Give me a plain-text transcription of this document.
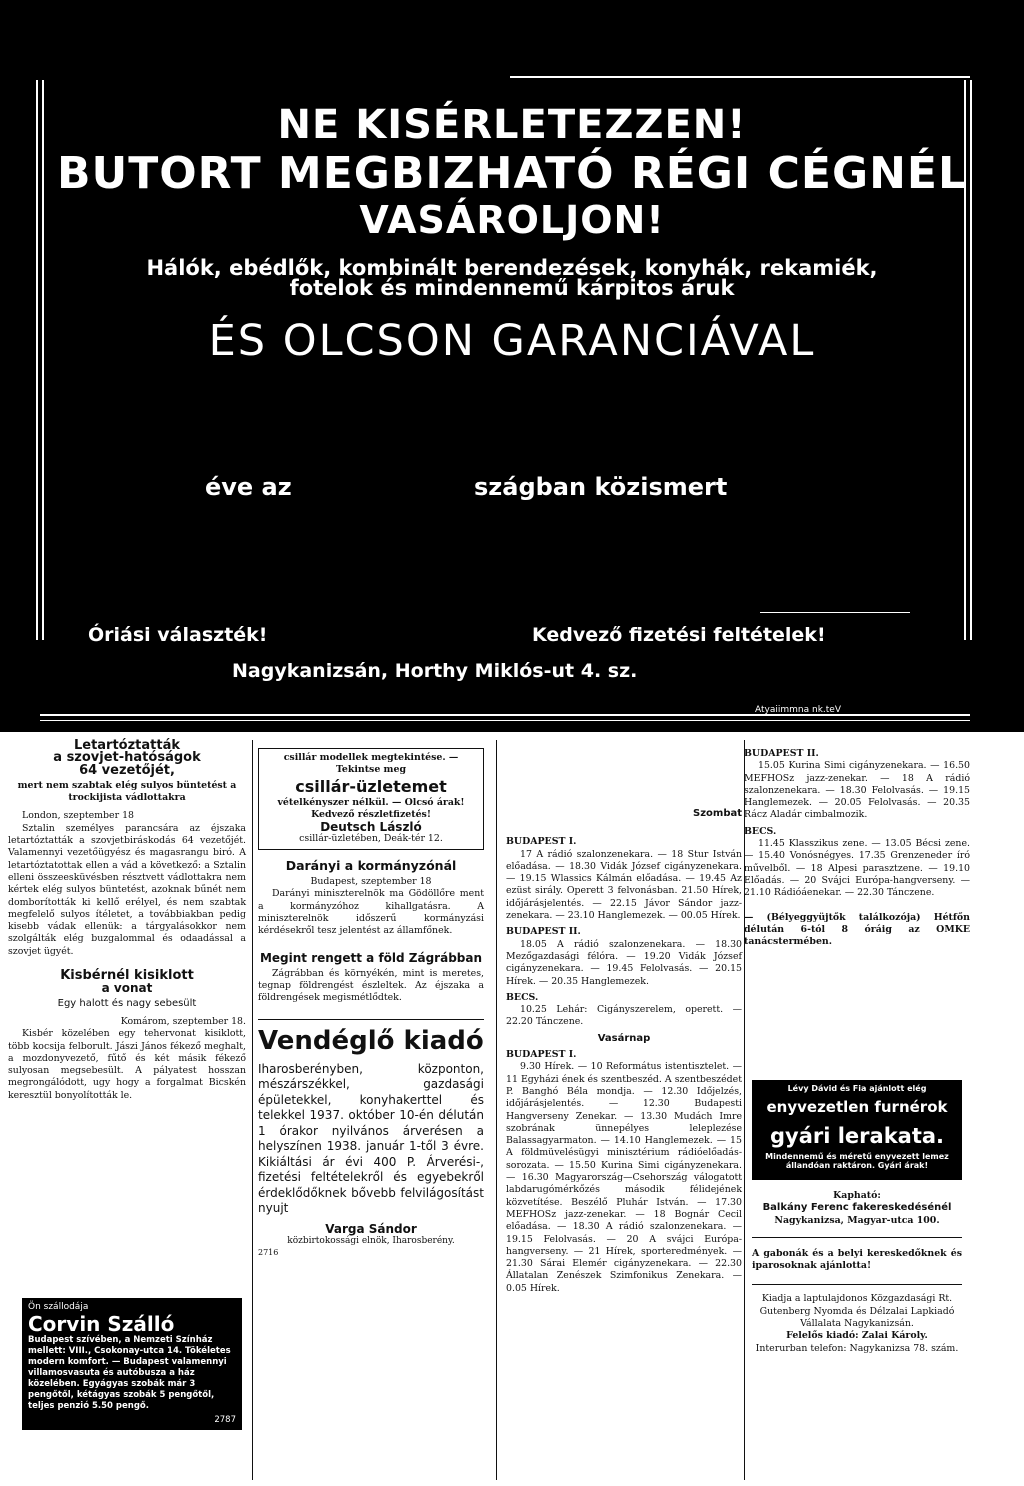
NE KISÉRLETEZZEN!
BUTORT MEGBIZHATÓ RÉGI CÉGNÉL
VASÁROLJON!
Hálók, ebédlők, kombinált berendezések, konyhák, rekamiék,
fotelok és mindennemű kárpitos áruk
ÉS OLCSON GARANCIÁVAL
éve az	szágban közismert
Óriási választék!	Kedvező fizetési feltételek!
Nagykanizsán, Horthy Miklós-ut 4. sz.
Atyaiimmna nk.teV
Letartóztatták
a szovjet-hatóságok
64 vezetőjét,

mert nem szabtak elég sulyos büntetést a trockijista vádlottakra

London, szeptember 18

Sztalin személyes parancsára az éjszaka letartóztatták a szovjetbiráskodás 64 vezetőjét. Valamennyi vezetőügyész és magasrangu biró. A letartóztatottak ellen a vád a következő: a Sztalin elleni összeesküvésben résztvett vádlottakra nem kértek elég sulyos büntetést, azoknak bűnét nem domborították ki kellő erélyel, és nem szabtak megfelelő sulyos ítéletet, a továbbiakban pedig kisebb vádak ellenük: a tárgyalásokkor nem szolgálták elég buzgalommal és odaadással a szovjet ügyét.

Kisbérnél kisiklott
a vonat
Egy halott és nagy sebesült

Komárom, szeptember 18.

Kisbér közelében egy tehervonat kisiklott, több kocsija felborult. Jászi János fékező meghalt, a mozdonyvezető, fűtő és két másik fékező sulyosan megsebesült. A pályatest hosszan megrongálódott, ugy hogy a forgalmat Bicskén keresztül bonyolították le.

Ön szállodája
Corvin Szálló
Budapest szívében, a Nemzeti Színház mellett: VIII., Csokonay-utca 14. Tökéletes modern komfort. — Budapest valamennyi villamosvasuta és autóbusza a ház közelében. Egyágyas szobák már 3 pengőtől, kétágyas szobák 5 pengőtől, teljes penzió 5.50 pengő.
2787
csillár modellek megtekintése. — Tekintse meg
csillár-üzletemet
vételkényszer nélkül. — Olcsó árak! Kedvező részletfizetés!
Deutsch László
csillár-üzletében, Deák-tér 12.
Darányi a kormányzónál

Budapest, szeptember 18

Darányi miniszterelnök ma Gödöllőre ment a kormányzóhoz kihallgatásra. A miniszterelnök időszerű kormányzási kérdésekről tesz jelentést az államfőnek.

Megint rengett a föld Zágrábban

Zágrábban és környékén, mint is meretes, tegnap földrengést észleltek. Az éjszaka a földrengések megismétlődtek.

Vendéglő kiadó

Iharosberényben, központon, mészárszékkel, gazdasági épületekkel, konyhakerttel és telekkel 1937. október 10-én délután 1 órakor nyilvános árverésen a helyszínen 1938. január 1-től 3 évre. Kikiáltási ár évi 400 P. Árverési-, fizetési feltételekről és egyebekről érdeklődőknek bővebb felvilágosítást nyujt

Varga Sándor
közbirtokossági elnök, Iharosberény.
2716
Szombat
BUDAPEST I.

17 A rádió szalonzenekara. — 18 Stur István előadása. — 18.30 Vidák József cigányzenekara. — 19.15 Wlassics Kálmán előadása. — 19.45 Az ezüst sirály. Operett 3 felvonásban. 21.50 Hírek, időjárásjelentés. — 22.15 Jávor Sándor jazz-zenekara. — 23.10 Hanglemezek. — 00.05 Hírek.

BUDAPEST II.

18.05 A rádió szalonzenekara. — 18.30 Mezőgazdasági félóra. — 19.20 Vidák József cigányzenekara. — 19.45 Felolvasás. — 20.15 Hírek. — 20.35 Hanglemezek.

BECS.

10.25 Lehár: Cigányszerelem, operett. — 22.20 Tánczene.

Vasárnap
BUDAPEST I.

9.30 Hírek. — 10 Református istentisztelet. — 11 Egyházi ének és szentbeszéd. A szentbeszédet P. Banghó Béla mondja. — 12.30 Időjelzés, időjárásjelentés. — 12.30 Budapesti Hangverseny Zenekar. — 13.30 Mudách Imre szobrának ünnepélyes leleplezése Balassagyarmaton. — 14.10 Hanglemezek. — 15 A földmüvelésügyi minisztérium rádióelőadás-sorozata. — 15.50 Kurina Simi cigányzenekara. — 16.30 Magyarország—Csehország válogatott labdarugómérkőzés második félidejének közvetítése. Beszélő Pluhár István. — 17.30 MEFHOSz jazz-zenekar. — 18 Bognár Cecil előadása. — 18.30 A rádió szalonzenekara. — 19.15 Felolvasás. — 20 A svájci Európa-hangverseny. — 21 Hírek, sporteredmények. — 21.30 Sárai Elemér cigányzenekara. — 22.30 Állatalan Zenészek Szimfonikus Zenekara. — 0.05 Hírek.

BUDAPEST II.

15.05 Kurina Simi cigányzenekara. — 16.50 MEFHOSz jazz-zenekar. — 18 A rádió szalonzenekara. — 18.30 Felolvasás. — 19.15 Hanglemezek. — 20.05 Felolvasás. — 20.35 Rácz Aladár cimbalmozik.

BECS.

11.45 Klasszikus zene. — 13.05 Bécsi zene. — 15.40 Vonósnégyes. 17.35 Grenzeneder író művelből. — 18 Alpesi parasztzene. — 19.10 Előadás. — 20 Svájci Európa-hangverseny. — 21.10 Rádióáenekar. — 22.30 Tánczene.

— (Bélyeggyüjtők találkozója) Hétfőn délután 6-tól 8 óráig az OMKE tanácstermében.

Lévy Dávid és Fia ajánlott elég
enyvezetlen furnérok
gyári lerakata.
Mindennemű és méretű enyvezett lemez állandóan raktáron. Gyári árak!
Kapható:
Balkány Ferenc fakereskedésénél
Nagykanizsa, Magyar-utca 100.

A gabonák és a belyi kereskedőknek és iparosoknak ajánlotta!

Kiadja a laptulajdonos Közgazdasági Rt. Gutenberg Nyomda és Délzalai Lapkiadó Vállalata Nagykanizsán.

Felelős kiadó: Zalai Károly.

Interurban telefon: Nagykanizsa 78. szám.
